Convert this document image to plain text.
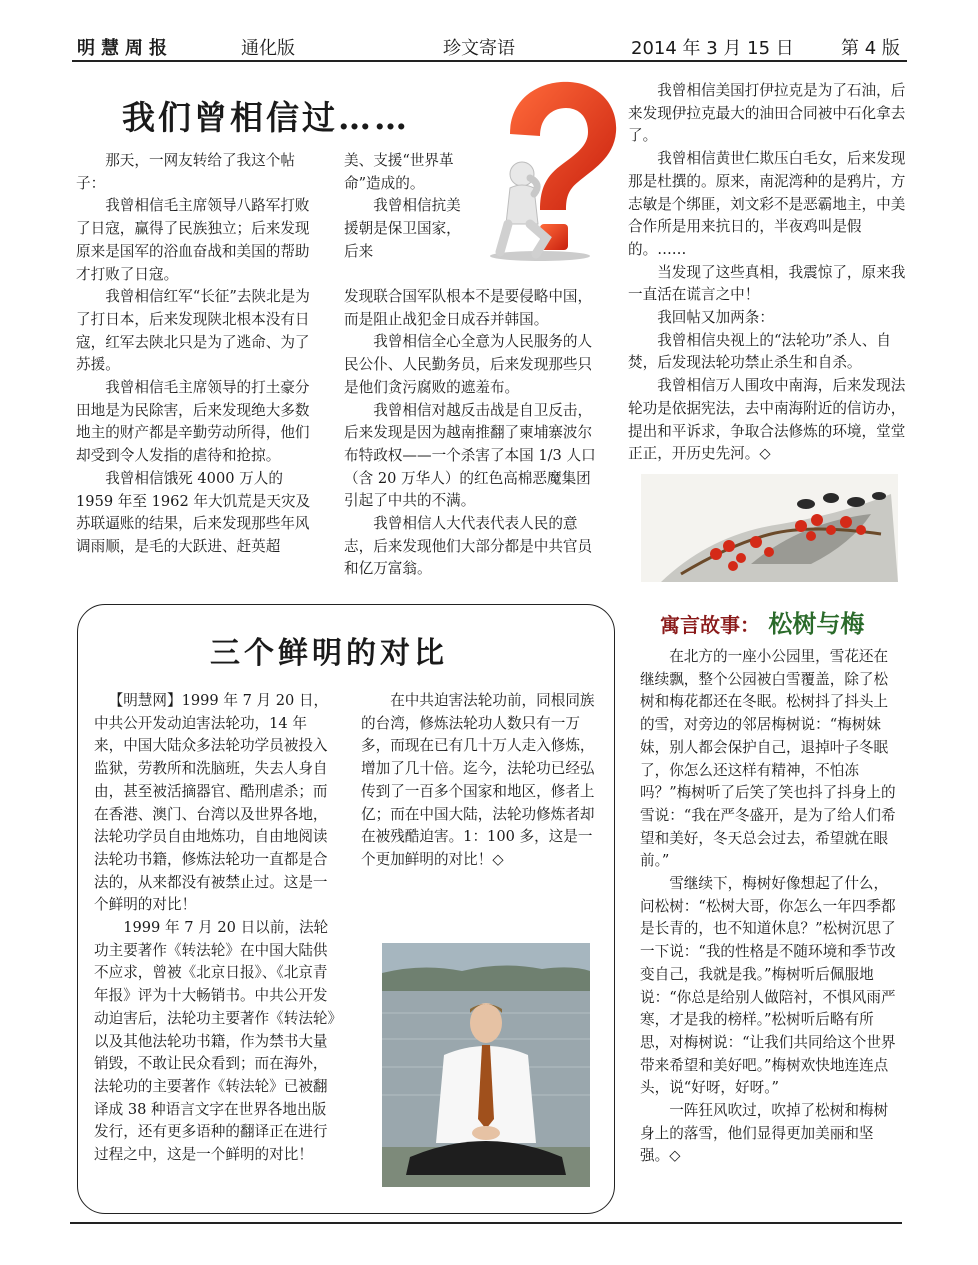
明慧周报	通化版	珍文寄语	2014 年 3 月 15 日	第 4 版
我们曾相信过……

那天，一网友转给了我这个帖子：

我曾相信毛主席领导八路军打败了日寇，赢得了民族独立；后来发现原来是国军的浴血奋战和美国的帮助才打败了日寇。

我曾相信红军“长征”去陕北是为了打日本，后来发现陕北根本没有日寇，红军去陕北只是为了逃命、为了苏援。

我曾相信毛主席领导的打土豪分田地是为民除害，后来发现绝大多数地主的财产都是辛勤劳动所得，他们却受到令人发指的虐待和抢掠。

我曾相信饿死 4000 万人的 1959 年至 1962 年大饥荒是天灾及苏联逼账的结果，后来发现那些年风调雨顺，是毛的大跃进、赶英超

美、支援“世界革命”造成的。

我曾相信抗美援朝是保卫国家，后来

发现联合国军队根本不是要侵略中国，而是阻止战犯金日成吞并韩国。

我曾相信全心全意为人民服务的人民公仆、人民勤务员，后来发现那些只是他们贪污腐败的遮羞布。

我曾相信对越反击战是自卫反击，后来发现是因为越南推翻了柬埔寨波尔布特政权——一个杀害了本国 1/3 人口（含 20 万华人）的红色高棉恶魔集团引起了中共的不满。

我曾相信人大代表代表人民的意志，后来发现他们大部分都是中共官员和亿万富翁。

我曾相信美国打伊拉克是为了石油，后来发现伊拉克最大的油田合同被中石化拿去了。

我曾相信黄世仁欺压白毛女，后来发现那是杜撰的。原来，南泥湾种的是鸦片，方志敏是个绑匪，刘文彩不是恶霸地主，中美合作所是用来抗日的，半夜鸡叫是假的。……

当发现了这些真相，我震惊了，原来我一直活在谎言之中！

我回帖又加两条：

我曾相信央视上的“法轮功”杀人、自焚，后发现法轮功禁止杀生和自杀。

我曾相信万人围攻中南海，后来发现法轮功是依据宪法，去中南海附近的信访办，提出和平诉求，争取合法修炼的环境，堂堂正正，开历史先河。◇

三个鲜明的对比

【明慧网】1999 年 7 月 20 日，中共公开发动迫害法轮功，14 年来，中国大陆众多法轮功学员被投入监狱，劳教所和洗脑班，失去人身自由，甚至被活摘器官、酷刑虐杀；而在香港、澳门、台湾以及世界各地，法轮功学员自由地炼功，自由地阅读法轮功书籍，修炼法轮功一直都是合法的，从来都没有被禁止过。这是一个鲜明的对比！

1999 年 7 月 20 日以前，法轮功主要著作《转法轮》在中国大陆供不应求，曾被《北京日报》、《北京青年报》评为十大畅销书。中共公开发动迫害后，法轮功主要著作《转法轮》以及其他法轮功书籍，作为禁书大量销毁，不敢让民众看到；而在海外，法轮功的主要著作《转法轮》已被翻译成 38 种语言文字在世界各地出版发行，还有更多语种的翻译正在进行过程之中，这是一个鲜明的对比！

在中共迫害法轮功前，同根同族的台湾，修炼法轮功人数只有一万多，而现在已有几十万人走入修炼，增加了几十倍。迄今，法轮功已经弘传到了一百多个国家和地区，修者上亿；而在中国大陆，法轮功修炼者却在被残酷迫害。1：100 多，这是一个更加鲜明的对比！◇

寓言故事： 松树与梅

在北方的一座小公园里，雪花还在继续飘，整个公园被白雪覆盖，除了松树和梅花都还在冬眠。松树抖了抖头上的雪，对旁边的邻居梅树说：“梅树妹妹，别人都会保护自己，退掉叶子冬眠了，你怎么还这样有精神，不怕冻吗？”梅树听了后笑了笑也抖了抖身上的雪说：“我在严冬盛开，是为了给人们希望和美好，冬天总会过去，希望就在眼前。”

雪继续下，梅树好像想起了什么，问松树：“松树大哥，你怎么一年四季都是长青的，也不知道休息？”松树沉思了一下说：“我的性格是不随环境和季节改变自己，我就是我。”梅树听后佩服地说：“你总是给别人做陪衬，不惧风雨严寒，才是我的榜样。”松树听后略有所思，对梅树说：“让我们共同给这个世界带来希望和美好吧。”梅树欢快地连连点头，说“好呀，好呀。”

一阵狂风吹过，吹掉了松树和梅树身上的落雪，他们显得更加美丽和坚强。◇
